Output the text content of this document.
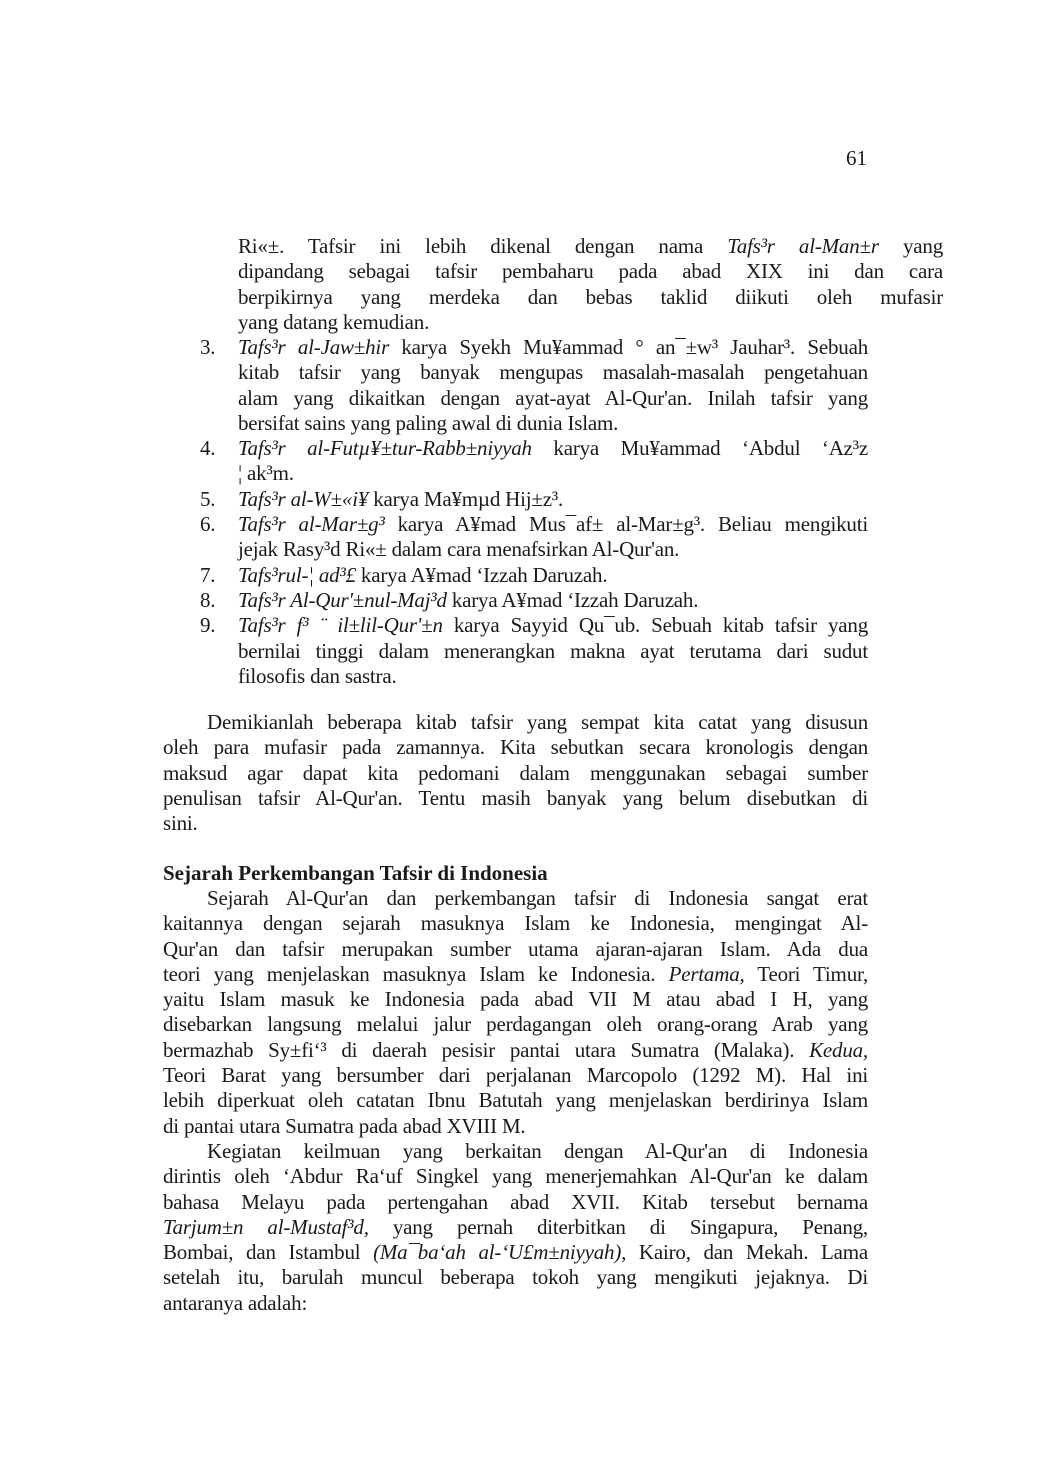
61
Ri«±. Tafsir ini lebih dikenal dengan nama Tafs³r al-Man±r yang
dipandang sebagai tafsir pembaharu pada abad XIX ini dan cara
berpikirnya yang merdeka dan bebas taklid diikuti oleh mufasir
yang datang kemudian.
3. Tafs³r al-Jaw±hir karya Syekh Mu¥ammad ° an¯±w³ Jauhar³. Sebuah
kitab tafsir yang banyak mengupas masalah-masalah pengetahuan
alam yang dikaitkan dengan ayat-ayat Al-Qur'an. Inilah tafsir yang
bersifat sains yang paling awal di dunia Islam.
4. Tafs³r al-Futµ¥±tur-Rabb±niyyah karya Mu¥ammad ‘Abdul ‘Az³z
¦ ak³m.
5. Tafs³r al-W±«i¥ karya Ma¥mµd Hij±z³.
6. Tafs³r al-Mar±g³ karya A¥mad Mus¯af± al-Mar±g³. Beliau mengikuti
jejak Rasy³d Ri«± dalam cara menafsirkan Al-Qur'an.
7. Tafs³rul-¦ ad³£ karya A¥mad ‘Izzah Daruzah.
8. Tafs³r Al-Qur'±nul-Maj³d karya A¥mad ‘Izzah Daruzah.
9. Tafs³r f³ ¨ il±lil-Qur'±n karya Sayyid Qu¯ub. Sebuah kitab tafsir yang
bernilai tinggi dalam menerangkan makna ayat terutama dari sudut
filosofis dan sastra.
Demikianlah beberapa kitab tafsir yang sempat kita catat yang disusun
oleh para mufasir pada zamannya. Kita sebutkan secara kronologis dengan
maksud agar dapat kita pedomani dalam menggunakan sebagai sumber
penulisan tafsir Al-Qur'an. Tentu masih banyak yang belum disebutkan di
sini.
Sejarah Perkembangan Tafsir di Indonesia
Sejarah Al-Qur'an dan perkembangan tafsir di Indonesia sangat erat
kaitannya dengan sejarah masuknya Islam ke Indonesia, mengingat Al-
Qur'an dan tafsir merupakan sumber utama ajaran-ajaran Islam. Ada dua
teori yang menjelaskan masuknya Islam ke Indonesia. Pertama, Teori Timur,
yaitu Islam masuk ke Indonesia pada abad VII M atau abad I H, yang
disebarkan langsung melalui jalur perdagangan oleh orang-orang Arab yang
bermazhab Sy±fi‘³ di daerah pesisir pantai utara Sumatra (Malaka). Kedua,
Teori Barat yang bersumber dari perjalanan Marcopolo (1292 M). Hal ini
lebih diperkuat oleh catatan Ibnu Batutah yang menjelaskan berdirinya Islam
di pantai utara Sumatra pada abad XVIII M.
Kegiatan keilmuan yang berkaitan dengan Al-Qur'an di Indonesia
dirintis oleh ‘Abdur Ra‘uf Singkel yang menerjemahkan Al-Qur'an ke dalam
bahasa Melayu pada pertengahan abad XVII. Kitab tersebut bernama
Tarjum±n al-Mustaf³d, yang pernah diterbitkan di Singapura, Penang,
Bombai, dan Istambul (Ma¯ba‘ah al-‘U£m±niyyah), Kairo, dan Mekah. Lama
setelah itu, barulah muncul beberapa tokoh yang mengikuti jejaknya. Di
antaranya adalah:
